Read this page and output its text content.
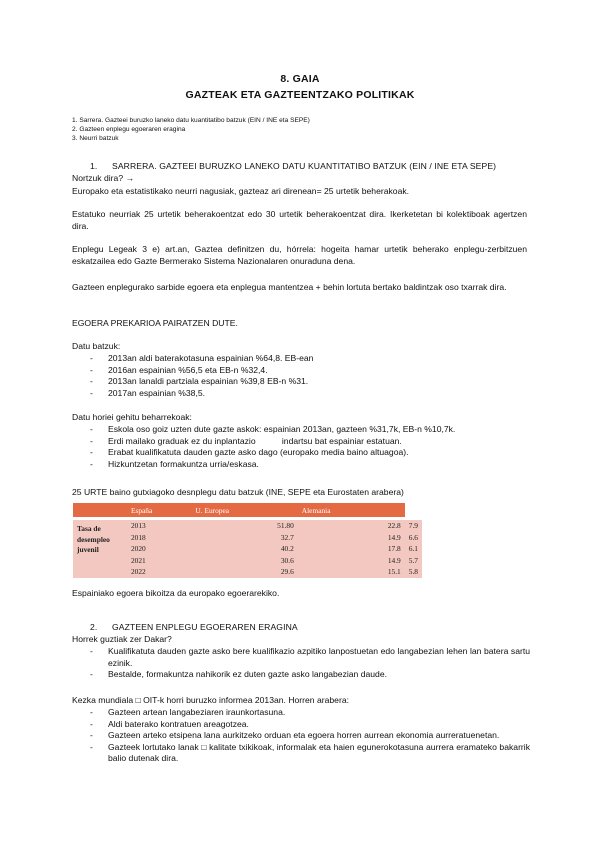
8. GAIA
GAZTEAK ETA GAZTEENTZAKO POLITIKAK
1. Sarrera. Gazteei buruzko laneko datu kuantitatibo batzuk (EIN / INE eta SEPE)
2. Gazteen enplegu egoeraren eragina
3. Neurri batzuk
1. SARRERA. GAZTEEI BURUZKO LANEKO DATU KUANTITATIBO BATZUK (EIN / INE ETA SEPE)
Nortzuk dira? →
Europako eta estatistikako neurri nagusiak, gazteaz ari direnean= 25 urtetik beherakoak.
Estatuko neurriak 25 urtetik beherakoentzat edo 30 urtetik beherakoentzat dira. Ikerketetan bi kolektiboak agertzen dira.
Enplegu Legeak 3 e) art.an, Gaztea definitzen du, hórrela: hogeita hamar urtetik beherako enplegu-zerbitzuen eskatzailea edo Gazte Bermerako Sistema Nazionalaren onuraduna dena.
Gazteen enplegurako sarbide egoera eta enplegua mantentzea + behin lortuta bertako baldintzak oso txarrak dira.
EGOERA PREKARIOA PAIRATZEN DUTE.
Datu batzuk:
- 2013an aldi baterakotasuna espainian %64,8. EB-ean
- 2016an espainian %56,5 eta EB-n %32,4.
- 2013an lanaldi partziala espainian %39,8 EB-n %31.
- 2017an espainian %38,5.
Datu horiei gehitu beharrekoak:
- Eskola oso goiz uzten dute gazte askok: espainian 2013an, gazteen %31,7k, EB-n %10,7k.
- Erdi mailako graduak ez du inplantazio           indartsu bat espainiar estatuan.
- Erabat kualifikatuta dauden gazte asko dago (europako media baino altuagoa).
- Hizkuntzetan formakuntza urria/eskasa.
25 URTE baino gutxiagoko desnplegu datu batzuk (INE, SEPE eta Eurostaten arabera)
	España	U. Europea	Alemania	

Tasa de desempleo juvenil	2013	51.80	22.8	7.9
	2018	32.7	14.9	6.6
	2020	40.2	17.8	6.1
	2021	30.6	14.9	5.7
	2022	29.6	15.1	5.8
Espainiako egoera bikoitza da europako egoerarekiko.
2. GAZTEEN ENPLEGU EGOERAREN ERAGINA
Horrek guztiak zer Dakar?
- Kualifikatuta dauden gazte asko bere kualifikazio azpitiko lanpostuetan edo langabezian lehen lan batera sartu ezinik.
- Bestalde, formakuntza nahikorik ez duten gazte asko langabezian daude.
Kezka mundiala □ OIT-k horri buruzko informea 2013an. Horren arabera:
- Gazteen artean langabeziaren iraunkortasuna.
- Aldi baterako kontratuen areagotzea.
- Gazteen arteko etsipena lana aurkitzeko orduan eta egoera horren aurrean ekonomia aurreratuenetan.
- Gazteek lortutako lanak □ kalitate txikikoak, informalak eta haien egunerokotasuna aurrera eramateko bakarrik balio dutenak dira.
